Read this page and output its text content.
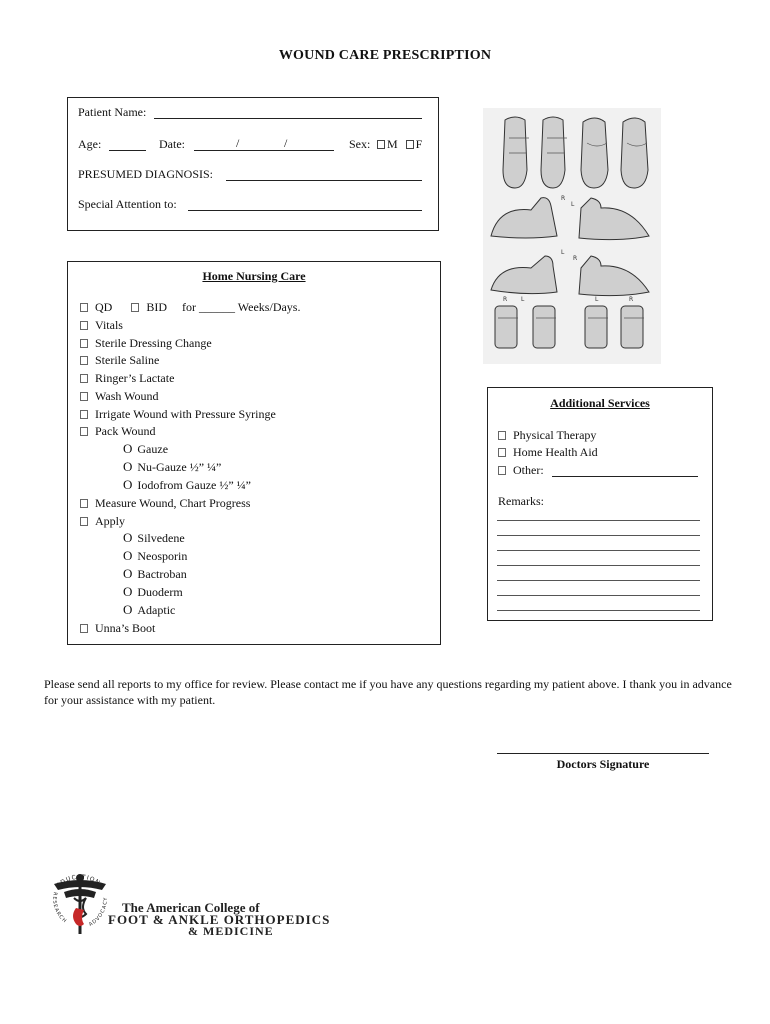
WOUND CARE PRESCRIPTION
Patient Name:
Age:	Date:	/	/	Sex:	M F
PRESUMED DIAGNOSIS:
Special Attention to:	R
L
L
R
R L	L	R
Home Nursing Care
QD	BID for ______ Weeks/Days.
Vitals
Sterile Dressing Change
Sterile Saline
Ringer’s Lactate
Wash Wound
Irrigate Wound with Pressure Syringe
Pack Wound
O Gauze
O Nu-Gauze ½” ¼”
O Iodofrom Gauze ½” ¼”
Measure Wound, Chart Progress
Apply
O Silvedene
O Neosporin
O Bactroban
O Duoderm
O Adaptic
Unna’s Boot
Additional Services
Physical Therapy
Home Health Aid
Other:
Remarks:
Please send all reports to my office for review. Please contact me if you have any questions regarding my patient above. I thank you in advance for your assistance with my patient.
Doctors Signature
EDUCATION
RESEARCH	ADVOCACY
The American College of
FOOT & ANKLE ORTHOPEDICS
& MEDICINE
